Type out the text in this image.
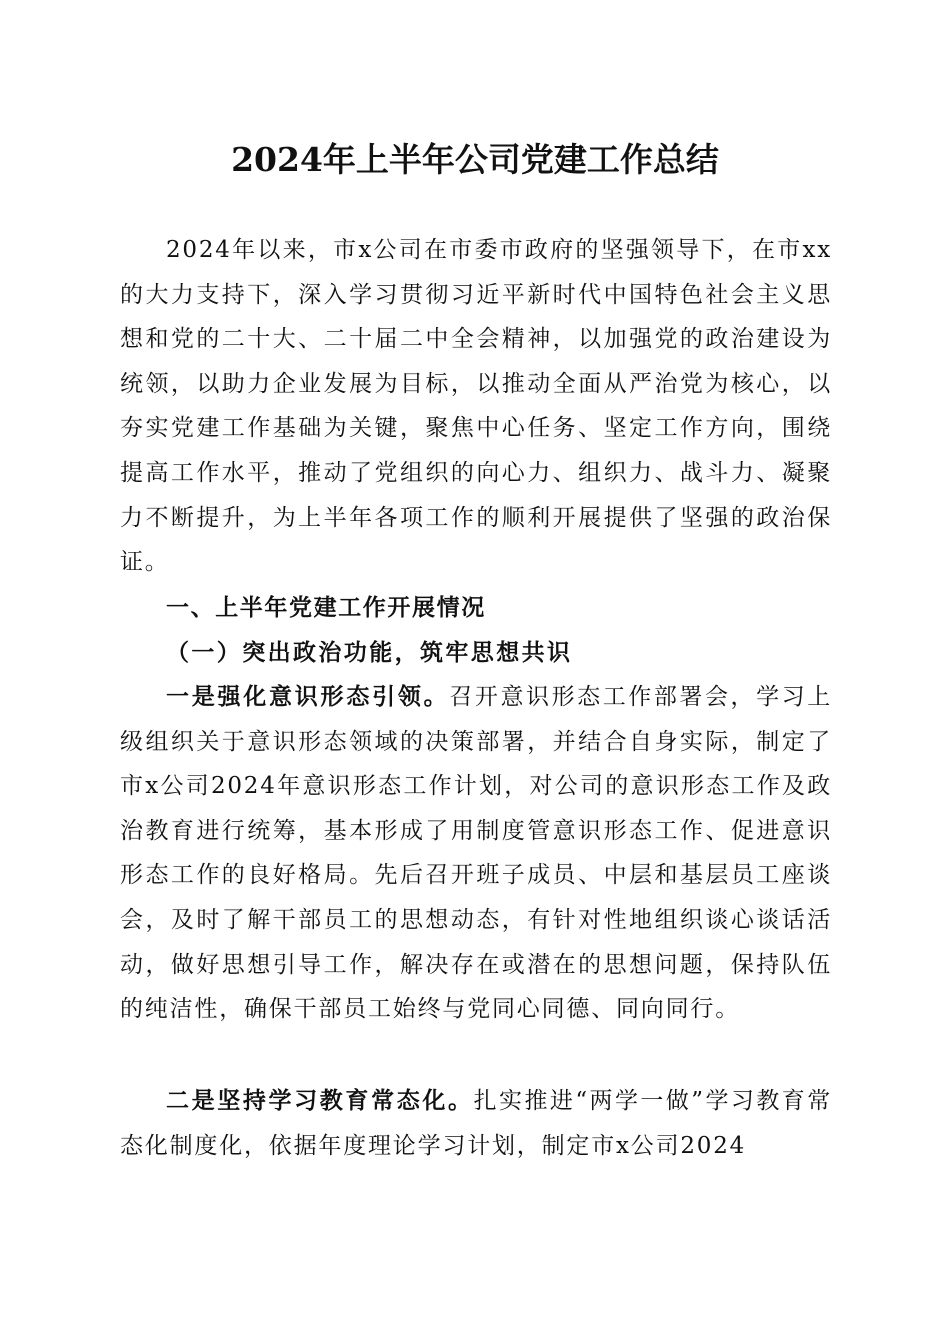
2024年上半年公司党建工作总结

2024年以来，市x公司在市委市政府的坚强领导下，在市xx的大力支持下，深入学习贯彻习近平新时代中国特色社会主义思想和党的二十大、二十届二中全会精神，以加强党的政治建设为统领，以助力企业发展为目标，以推动全面从严治党为核心，以夯实党建工作基础为关键，聚焦中心任务、坚定工作方向，围绕提高工作水平，推动了党组织的向心力、组织力、战斗力、凝聚力不断提升，为上半年各项工作的顺利开展提供了坚强的政治保证。

一、上半年党建工作开展情况
（一）突出政治功能，筑牢思想共识

一是强化意识形态引领。召开意识形态工作部署会，学习上级组织关于意识形态领域的决策部署，并结合自身实际，制定了市x公司2024年意识形态工作计划，对公司的意识形态工作及政治教育进行统筹，基本形成了用制度管意识形态工作、促进意识形态工作的良好格局。先后召开班子成员、中层和基层员工座谈会，及时了解干部员工的思想动态，有针对性地组织谈心谈话活动，做好思想引导工作，解决存在或潜在的思想问题，保持队伍的纯洁性，确保干部员工始终与党同心同德、同向同行。

二是坚持学习教育常态化。扎实推进“两学一做”学习教育常态化制度化，依据年度理论学习计划，制定市x公司2024
